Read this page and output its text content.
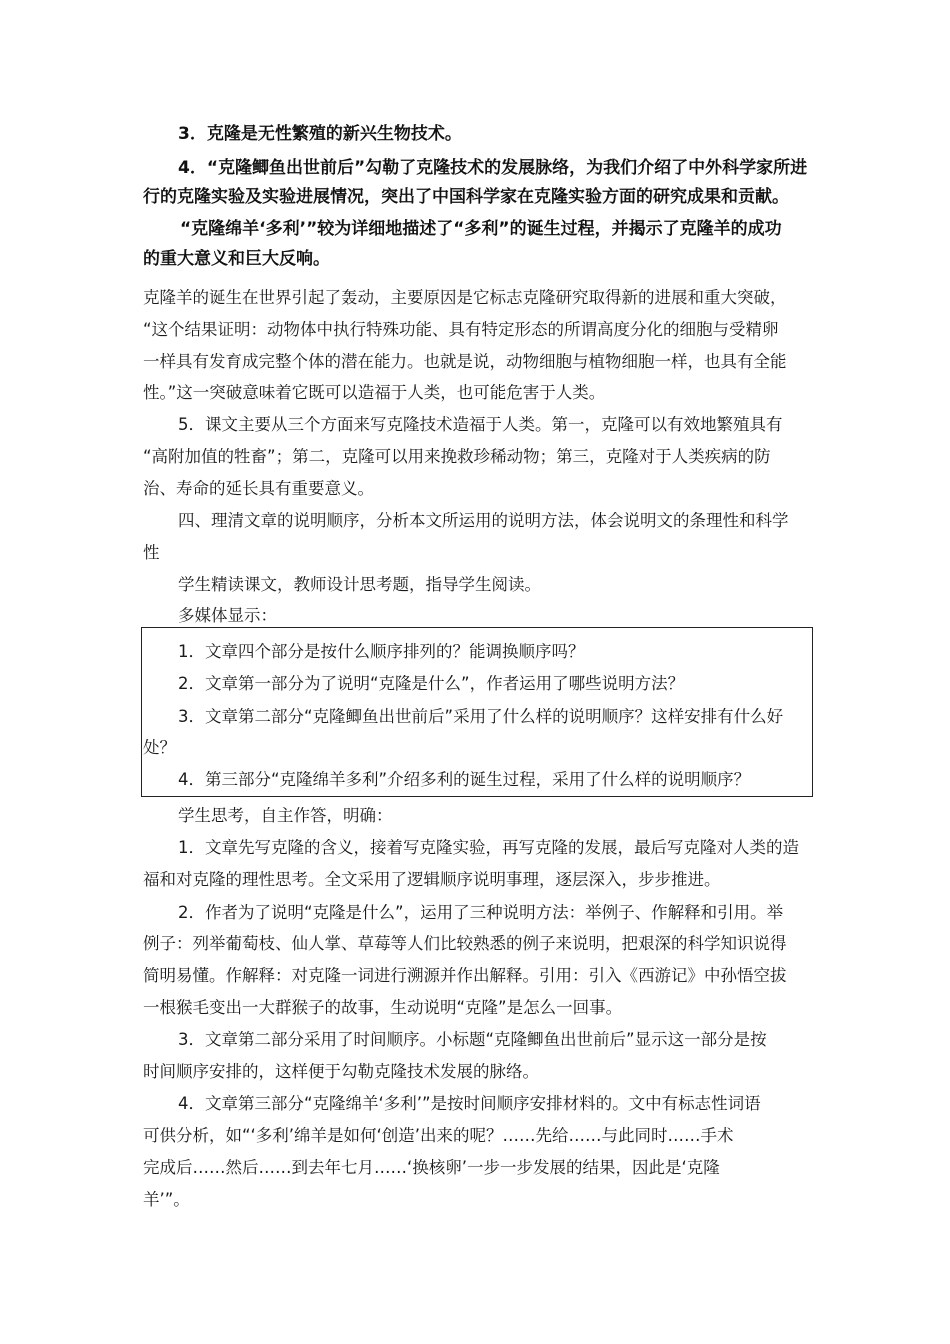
3．克隆是无性繁殖的新兴生物技术。
4．“克隆鲫鱼出世前后”勾勒了克隆技术的发展脉络，为我们介绍了中外科学家所进
行的克隆实验及实验进展情况，突出了中国科学家在克隆实验方面的研究成果和贡献。
“克隆绵羊‘多利’”较为详细地描述了“多利”的诞生过程，并揭示了克隆羊的成功
的重大意义和巨大反响。
克隆羊的诞生在世界引起了轰动，主要原因是它标志克隆研究取得新的进展和重大突破，
“这个结果证明：动物体中执行特殊功能、具有特定形态的所谓高度分化的细胞与受精卵
一样具有发育成完整个体的潜在能力。也就是说，动物细胞与植物细胞一样，也具有全能
性。”这一突破意味着它既可以造福于人类，也可能危害于人类。
5．课文主要从三个方面来写克隆技术造福于人类。第一，克隆可以有效地繁殖具有
“高附加值的牲畜”；第二，克隆可以用来挽救珍稀动物；第三，克隆对于人类疾病的防
治、寿命的延长具有重要意义。
四、理清文章的说明顺序，分析本文所运用的说明方法，体会说明文的条理性和科学
性
学生精读课文，教师设计思考题，指导学生阅读。
多媒体显示：
1．文章四个部分是按什么顺序排列的？能调换顺序吗？
2．文章第一部分为了说明“克隆是什么”，作者运用了哪些说明方法？
3．文章第二部分“克隆鲫鱼出世前后”采用了什么样的说明顺序？这样安排有什么好
处？
4．第三部分“克隆绵羊多利”介绍多利的诞生过程，采用了什么样的说明顺序？
学生思考，自主作答，明确：
1．文章先写克隆的含义，接着写克隆实验，再写克隆的发展，最后写克隆对人类的造
福和对克隆的理性思考。全文采用了逻辑顺序说明事理，逐层深入，步步推进。
2．作者为了说明“克隆是什么”，运用了三种说明方法：举例子、作解释和引用。举
例子：列举葡萄枝、仙人掌、草莓等人们比较熟悉的例子来说明，把艰深的科学知识说得
简明易懂。作解释：对克隆一词进行溯源并作出解释。引用：引入《西游记》中孙悟空拔
一根猴毛变出一大群猴子的故事，生动说明“克隆”是怎么一回事。
3．文章第二部分采用了时间顺序。小标题“克隆鲫鱼出世前后”显示这一部分是按
时间顺序安排的，这样便于勾勒克隆技术发展的脉络。
4．文章第三部分“克隆绵羊‘多利’”是按时间顺序安排材料的。文中有标志性词语
可供分析，如“‘多利’绵羊是如何‘创造’出来的呢？……先给……与此同时……手术
完成后……然后……到去年七月……‘换核卵’一步一步发展的结果，因此是‘克隆
羊’”。
